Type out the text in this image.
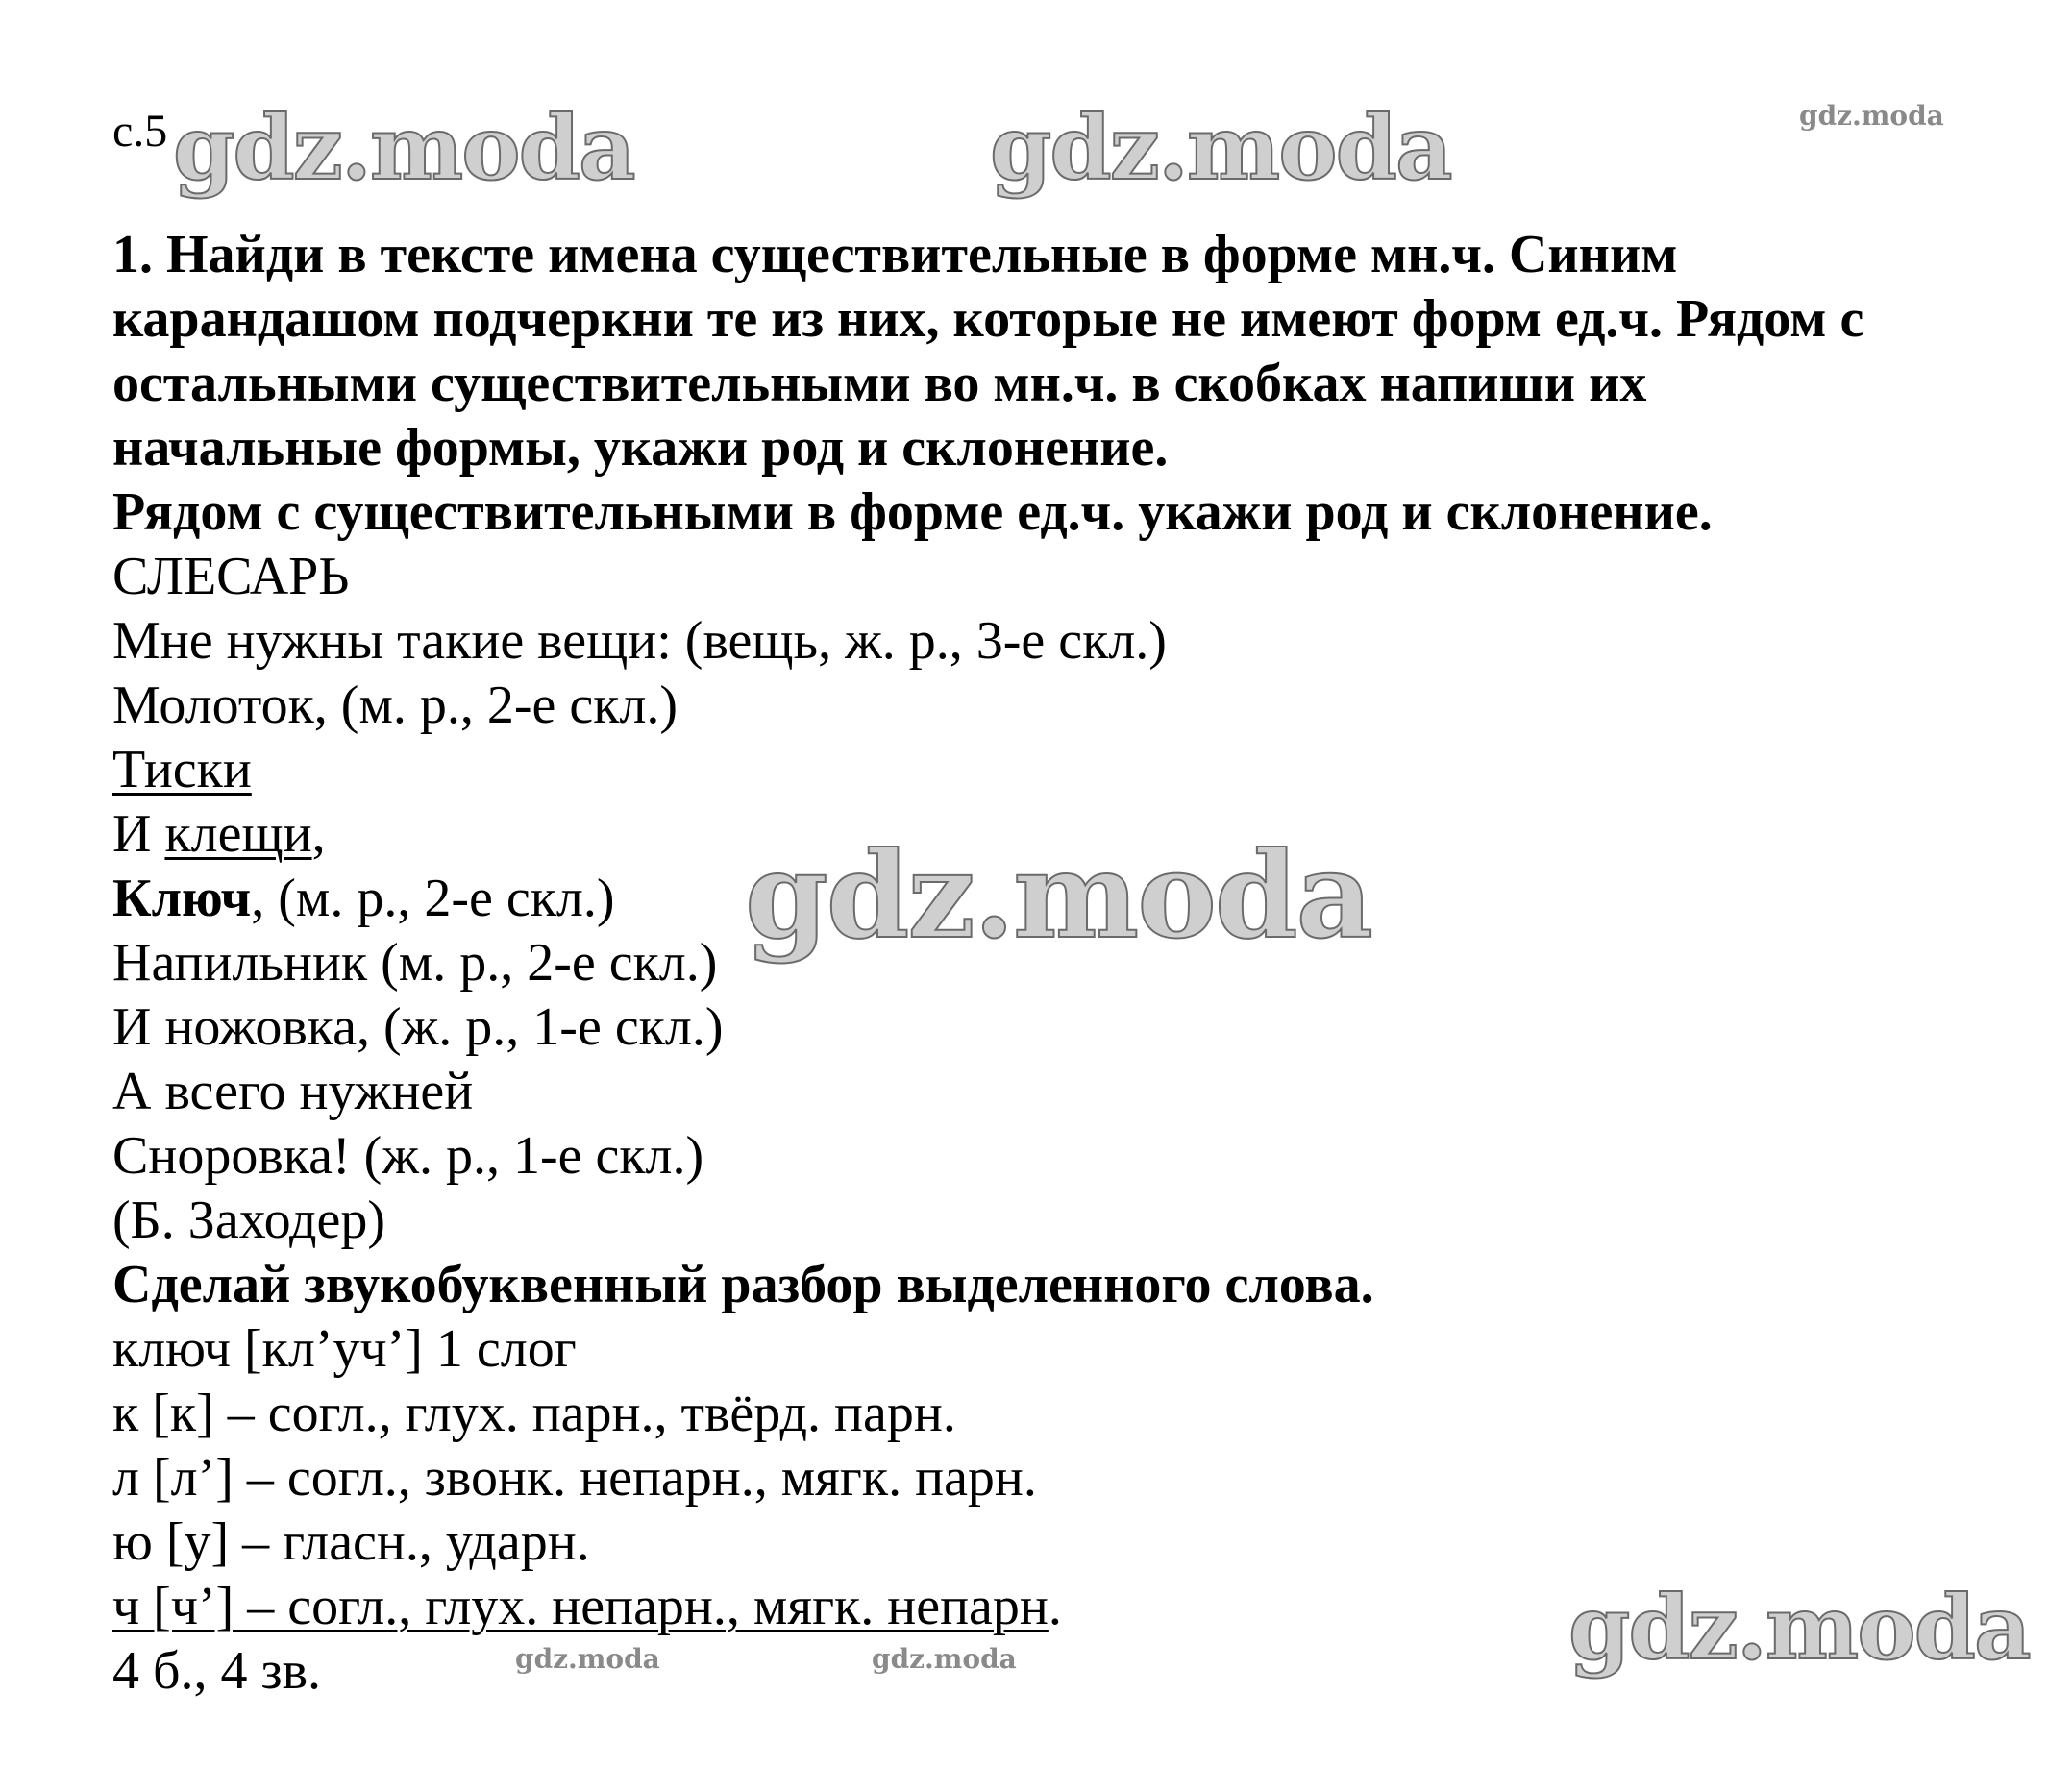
gdz.moda	gdz.moda	gdz.moda
gdz.moda
gdz.moda
gdz.moda	gdz.moda
с.5
1. Найди в тексте имена существительные в форме мн.ч. Синим
карандашом подчеркни те из них, которые не имеют форм ед.ч. Рядом с
остальными существительными во мн.ч. в скобках напиши их
начальные формы, укажи род и склонение.
Рядом с существительными в форме ед.ч. укажи род и склонение.
СЛЕСАРЬ
Мне нужны такие вещи: (вещь, ж. р., 3-е скл.)
Молоток, (м. р., 2-е скл.)
Тиски
И клещи,
Ключ, (м. р., 2-е скл.)
Напильник (м. р., 2-е скл.)
И ножовка, (ж. р., 1-е скл.)
А всего нужней
Сноровка! (ж. р., 1-е скл.)
(Б. Заходер)
Сделай звукобуквенный разбор выделенного слова.
ключ [кл’уч’] 1 слог
к [к] – согл., глух. парн., твёрд. парн.
л [л’] – согл., звонк. непарн., мягк. парн.
ю [у] – гласн., ударн.
ч [ч’] – согл., глух. непарн., мягк. непарн.
4 б., 4 зв.
